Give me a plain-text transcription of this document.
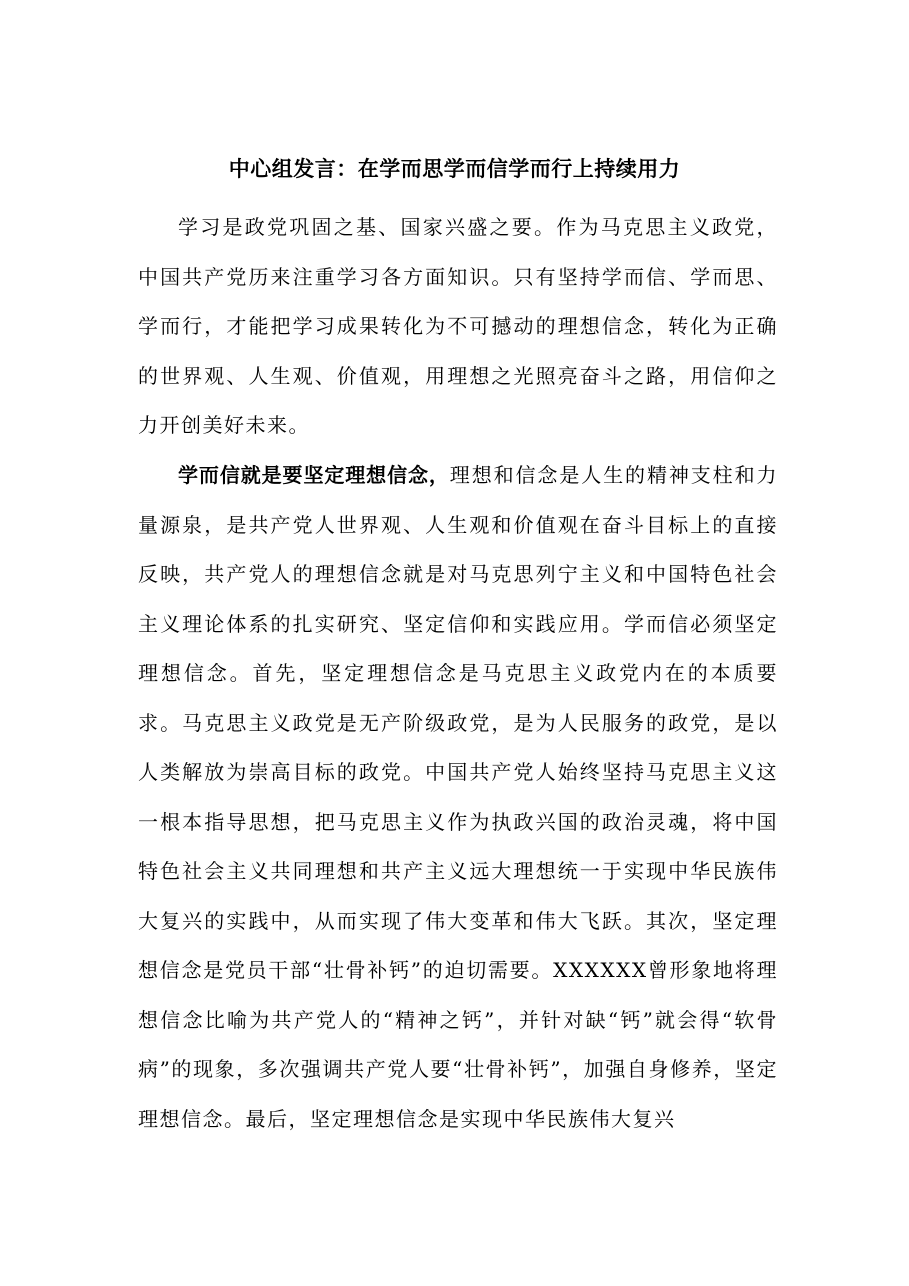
中心组发言：在学而思学而信学而行上持续用力

学习是政党巩固之基、国家兴盛之要。作为马克思主义政党，中国共产党历来注重学习各方面知识。只有坚持学而信、学而思、学而行，才能把学习成果转化为不可撼动的理想信念，转化为正确的世界观、人生观、价值观，用理想之光照亮奋斗之路，用信仰之力开创美好未来。

学而信就是要坚定理想信念，理想和信念是人生的精神支柱和力量源泉，是共产党人世界观、人生观和价值观在奋斗目标上的直接反映，共产党人的理想信念就是对马克思列宁主义和中国特色社会主义理论体系的扎实研究、坚定信仰和实践应用。学而信必须坚定理想信念。首先，坚定理想信念是马克思主义政党内在的本质要求。马克思主义政党是无产阶级政党，是为人民服务的政党，是以人类解放为崇高目标的政党。中国共产党人始终坚持马克思主义这一根本指导思想，把马克思主义作为执政兴国的政治灵魂，将中国特色社会主义共同理想和共产主义远大理想统一于实现中华民族伟大复兴的实践中，从而实现了伟大变革和伟大飞跃。其次，坚定理想信念是党员干部“壮骨补钙”的迫切需要。XXXXXX曾形象地将理想信念比喻为共产党人的“精神之钙”，并针对缺“钙”就会得“软骨病”的现象，多次强调共产党人要“壮骨补钙”，加强自身修养，坚定理想信念。最后，坚定理想信念是实现中华民族伟大复兴
